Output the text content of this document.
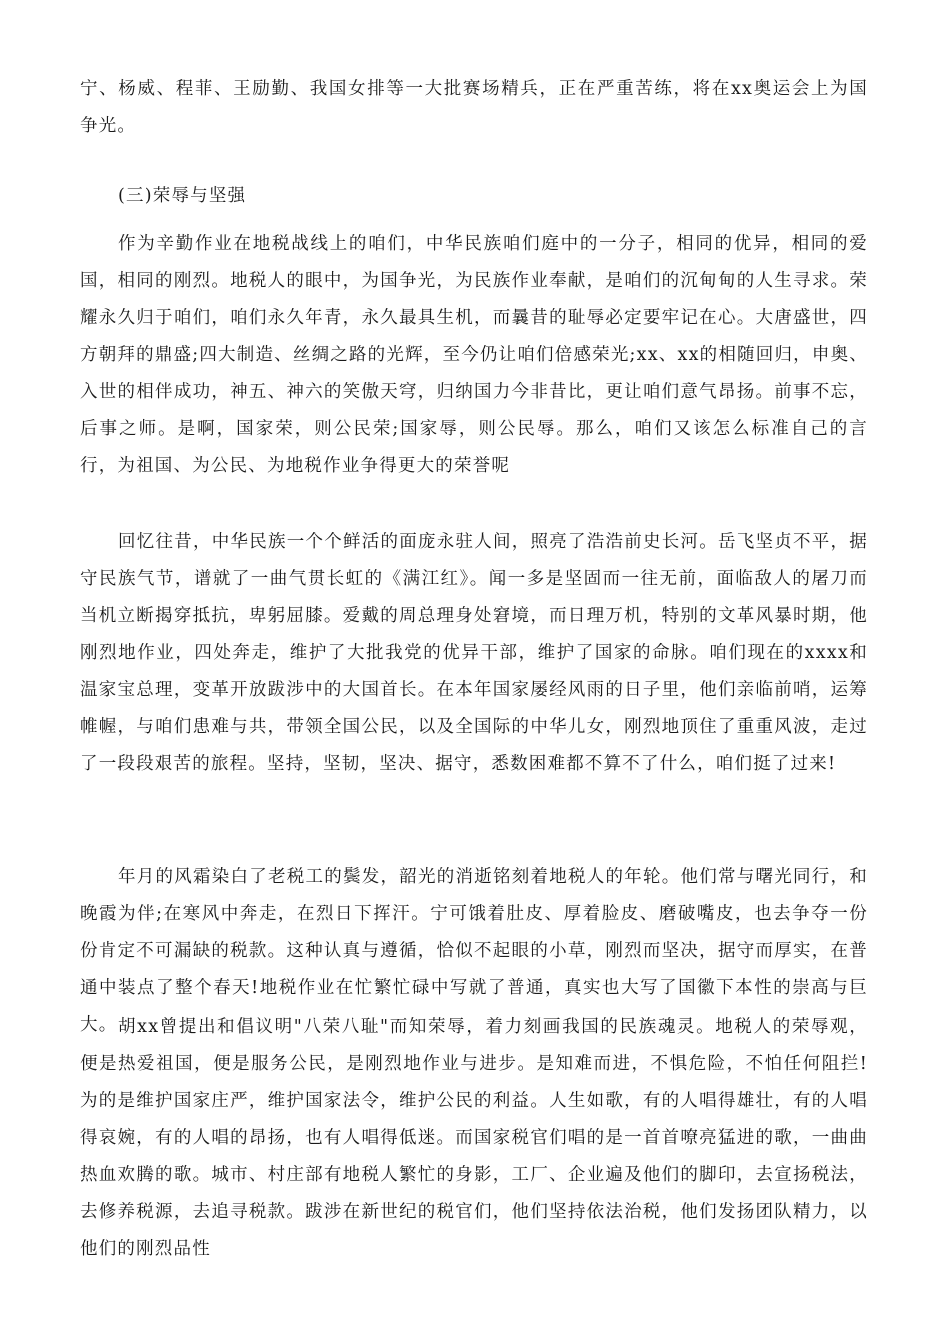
宁、杨威、程菲、王励勤、我国女排等一大批赛场精兵，正在严重苦练，将在xx奥运会上为国争光。

(三)荣辱与坚强

作为辛勤作业在地税战线上的咱们，中华民族咱们庭中的一分子，相同的优异，相同的爱国，相同的刚烈。地税人的眼中，为国争光，为民族作业奉献，是咱们的沉甸甸的人生寻求。荣耀永久归于咱们，咱们永久年青，永久最具生机，而曩昔的耻辱必定要牢记在心。大唐盛世，四方朝拜的鼎盛;四大制造、丝绸之路的光辉，至今仍让咱们倍感荣光;xx、xx的相随回归，申奥、入世的相伴成功，神五、神六的笑傲天穹，归纳国力今非昔比，更让咱们意气昂扬。前事不忘，后事之师。是啊，国家荣，则公民荣;国家辱，则公民辱。那么，咱们又该怎么标准自己的言行，为祖国、为公民、为地税作业争得更大的荣誉呢

回忆往昔，中华民族一个个鲜活的面庞永驻人间，照亮了浩浩前史长河。岳飞坚贞不平，据守民族气节，谱就了一曲气贯长虹的《满江红》。闻一多是坚固而一往无前，面临敌人的屠刀而当机立断揭穿抵抗，卑躬屈膝。爱戴的周总理身处窘境，而日理万机，特别的文革风暴时期，他刚烈地作业，四处奔走，维护了大批我党的优异干部，维护了国家的命脉。咱们现在的xxxx和温家宝总理，变革开放跋涉中的大国首长。在本年国家屡经风雨的日子里，他们亲临前哨，运筹帷幄，与咱们患难与共，带领全国公民，以及全国际的中华儿女，刚烈地顶住了重重风波，走过了一段段艰苦的旅程。坚持，坚韧，坚决、据守，悉数困难都不算不了什么，咱们挺了过来!

年月的风霜染白了老税工的鬓发，韶光的消逝铭刻着地税人的年轮。他们常与曙光同行，和晚霞为伴;在寒风中奔走，在烈日下挥汗。宁可饿着肚皮、厚着脸皮、磨破嘴皮，也去争夺一份份肯定不可漏缺的税款。这种认真与遵循，恰似不起眼的小草，刚烈而坚决，据守而厚实，在普通中装点了整个春天!地税作业在忙繁忙碌中写就了普通，真实也大写了国徽下本性的崇高与巨大。 胡xx曾提出和倡议明"八荣八耻"而知荣辱，着力刻画我国的民族魂灵。地税人的荣辱观，便是热爱祖国，便是服务公民，是刚烈地作业与进步。是知难而进，不惧危险，不怕任何阻拦!为的是维护国家庄严，维护国家法令，维护公民的利益。人生如歌，有的人唱得雄壮，有的人唱得哀婉，有的人唱的昂扬，也有人唱得低迷。而国家税官们唱的是一首首嘹亮猛进的歌，一曲曲热血欢腾的歌。城市、村庄部有地税人繁忙的身影，工厂、企业遍及他们的脚印，去宣扬税法，去修养税源，去追寻税款。跋涉在新世纪的税官们，他们坚持依法治税，他们发扬团队精力，以他们的刚烈品性
